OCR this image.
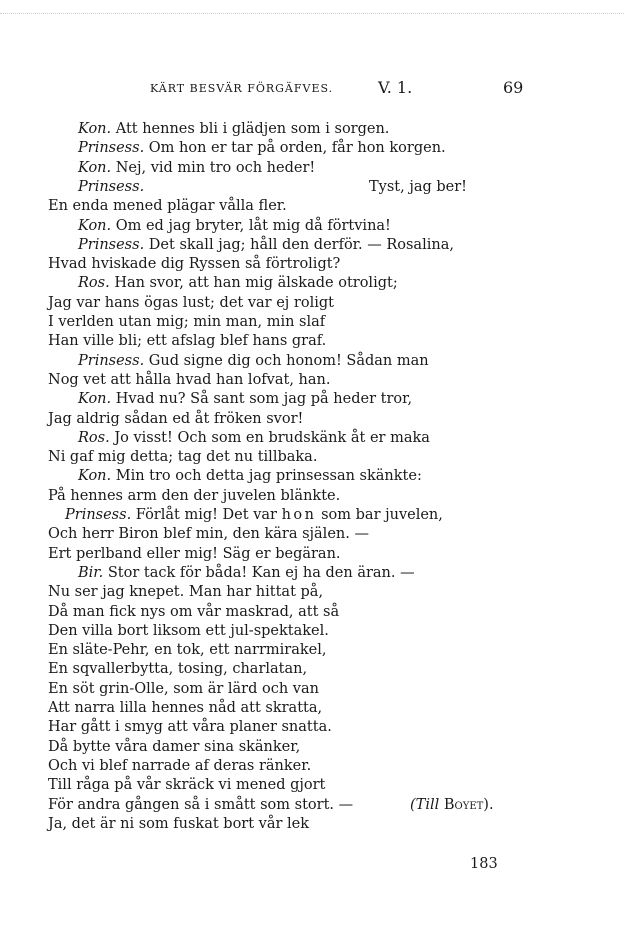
KÄRT BESVÄR FÖRGÄFVES.	V. 1.	69
Kon. Att hennes bli i glädjen som i sorgen.
Prinsess. Om hon er tar på orden, får hon korgen.
Kon. Nej, vid min tro och heder!
Prinsess.	Tyst, jag ber!
En enda mened plägar vålla fler.
Kon. Om ed jag bryter, låt mig då förtvina!
Prinsess. Det skall jag; håll den derför. — Rosalina,
Hvad hviskade dig Ryssen så förtroligt?
Ros. Han svor, att han mig älskade otroligt;
Jag var hans ögas lust; det var ej roligt
I verlden utan mig; min man, min slaf
Han ville bli; ett afslag blef hans graf.
Prinsess. Gud signe dig och honom! Sådan man
Nog vet att hålla hvad han lofvat, han.
Kon. Hvad nu? Så sant som jag på heder tror,
Jag aldrig sådan ed åt fröken svor!
Ros. Jo visst! Och som en brudskänk åt er maka
Ni gaf mig detta; tag det nu tillbaka.
Kon. Min tro och detta jag prinsessan skänkte:
På hennes arm den der juvelen blänkte.
Prinsess. Förlåt mig! Det var hon som bar juvelen,
Och herr Biron blef min, den kära själen. —
Ert perlband eller mig! Säg er begäran.
Bir. Stor tack för båda! Kan ej ha den äran. —
Nu ser jag knepet. Man har hittat på,
Då man fick nys om vår maskrad, att så
Den villa bort liksom ett jul-spektakel.
En släte-Pehr, en tok, ett narrmirakel,
En sqvallerbytta, tosing, charlatan,
En söt grin-Olle, som är lärd och van
Att narra lilla hennes nåd att skratta,
Har gått i smyg att våra planer snatta.
Då bytte våra damer sina skänker,
Och vi blef narrade af deras ränker.
Till råga på vår skräck vi mened gjort
För andra gången så i smått som stort. —
Ja, det är ni som fuskat bort vår lek
(Till Boyet).
183
